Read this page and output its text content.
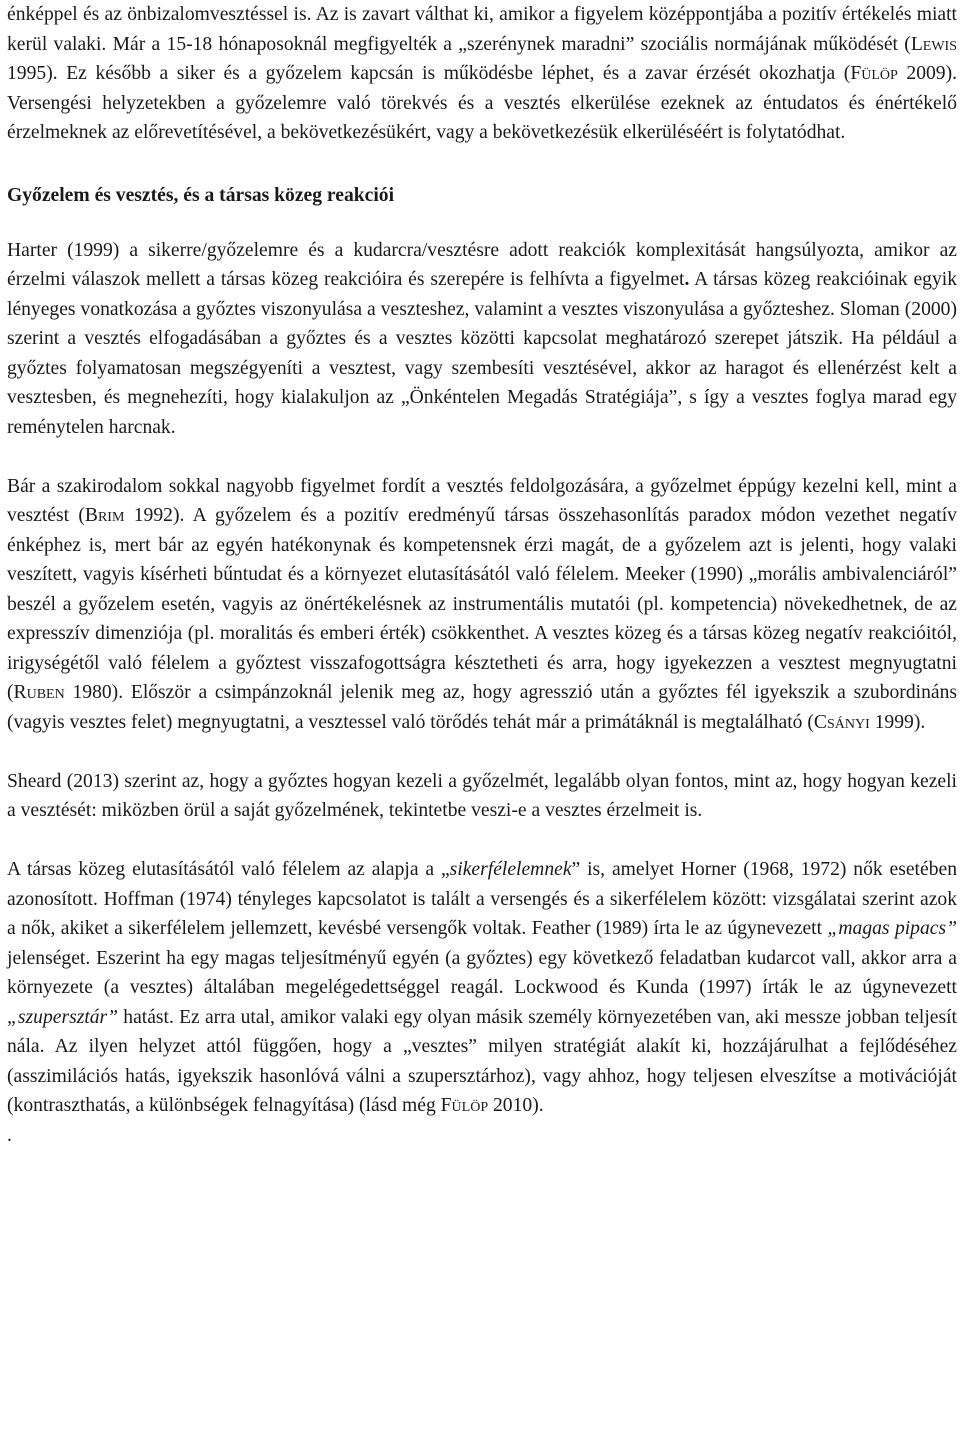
énképpel és az önbizalomvesztéssel is. Az is zavart válthat ki, amikor a figyelem középpontjába a pozitív értékelés miatt kerül valaki. Már a 15-18 hónaposoknál megfigyelték a „szerénynek maradni” szociális normájának működését (Lewis 1995). Ez később a siker és a győzelem kapcsán is működésbe léphet, és a zavar érzését okozhatja (Fülöp 2009). Versengési helyzetekben a győzelemre való törekvés és a vesztés elkerülése ezeknek az éntudatos és énértékelő érzelmeknek az előrevetítésével, a bekövetkezésükért, vagy a bekövetkezésük elkerüléséért is folytatódhat.

Győzelem és vesztés, és a társas közeg reakciói

Harter (1999) a sikerre/győzelemre és a kudarcra/vesztésre adott reakciók komplexitását hangsúlyozta, amikor az érzelmi válaszok mellett a társas közeg reakcióira és szerepére is felhívta a figyelmet. A társas közeg reakcióinak egyik lényeges vonatkozása a győztes viszonyulása a veszteshez, valamint a vesztes viszonyulása a győzteshez. Sloman (2000) szerint a vesztés elfogadásában a győztes és a vesztes közötti kapcsolat meghatározó szerepet játszik. Ha például a győztes folyamatosan megszégyeníti a vesztest, vagy szembesíti vesztésével, akkor az haragot és ellenérzést kelt a vesztesben, és megnehezíti, hogy kialakuljon az „Önkéntelen Megadás Stratégiája”, s így a vesztes foglya marad egy reménytelen harcnak.

Bár a szakirodalom sokkal nagyobb figyelmet fordít a vesztés feldolgozására, a győzelmet éppúgy kezelni kell, mint a vesztést (Brim 1992). A győzelem és a pozitív eredményű társas összehasonlítás paradox módon vezethet negatív énképhez is, mert bár az egyén hatékonynak és kompetensnek érzi magát, de a győzelem azt is jelenti, hogy valaki veszített, vagyis kísérheti bűntudat és a környezet elutasításától való félelem. Meeker (1990) „morális ambivalenciáról” beszél a győzelem esetén, vagyis az önértékelésnek az instrumentális mutatói (pl. kompetencia) növekedhetnek, de az expresszív dimenziója (pl. moralitás és emberi érték) csökkenthet. A vesztes közeg és a társas közeg negatív reakcióitól, irigységétől való félelem a győztest visszafogottságra késztetheti és arra, hogy igyekezzen a vesztest megnyugtatni (Ruben 1980). Először a csimpánzoknál jelenik meg az, hogy agresszió után a győztes fél igyekszik a szubordináns (vagyis vesztes felet) megnyugtatni, a vesztessel való törődés tehát már a primátáknál is megtalálható (Csányi 1999).

Sheard (2013) szerint az, hogy a győztes hogyan kezeli a győzelmét, legalább olyan fontos, mint az, hogy hogyan kezeli a vesztését: miközben örül a saját győzelmének, tekintetbe veszi-e a vesztes érzelmeit is.

A társas közeg elutasításától való félelem az alapja a „sikerfélelemnek” is, amelyet Horner (1968, 1972) nők esetében azonosított. Hoffman (1974) tényleges kapcsolatot is talált a versengés és a sikerfélelem között: vizsgálatai szerint azok a nők, akiket a sikerfélelem jellemzett, kevésbé versengők voltak. Feather (1989) írta le az úgynevezett „magas pipacs” jelenséget. Eszerint ha egy magas teljesítményű egyén (a győztes) egy következő feladatban kudarcot vall, akkor arra a környezete (a vesztes) általában megelégedettséggel reagál. Lockwood és Kunda (1997) írták le az úgynevezett „szupersztár” hatást. Ez arra utal, amikor valaki egy olyan másik személy környezetében van, aki messze jobban teljesít nála. Az ilyen helyzet attól függően, hogy a „vesztes” milyen stratégiát alakít ki, hozzájárulhat a fejlődéséhez (asszimilációs hatás, igyekszik hasonlóvá válni a szupersztárhoz), vagy ahhoz, hogy teljesen elveszítse a motivációját (kontraszthatás, a különbségek felnagyítása) (lásd még Fülöp 2010).

.
